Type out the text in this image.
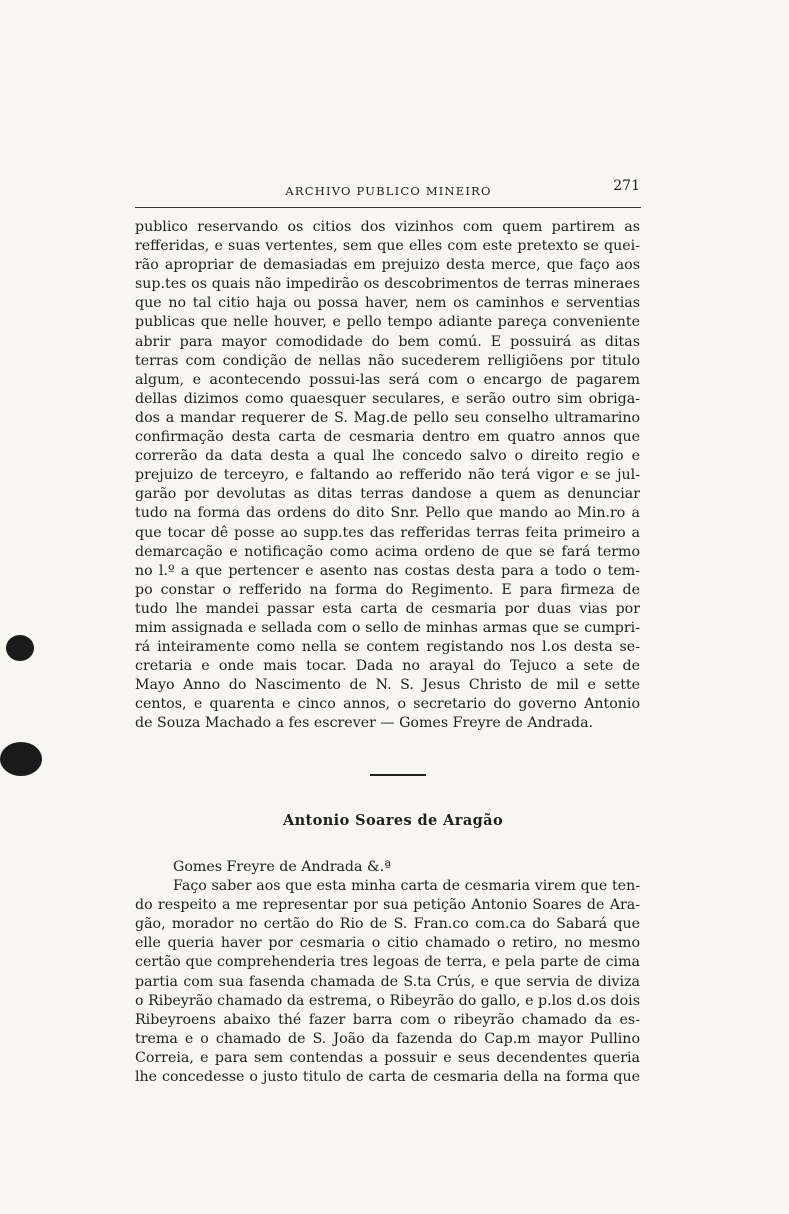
ARCHIVO PUBLICO MINEIRO	271
publico reservando os citios dos vizinhos com quem partirem as
refferidas, e suas vertentes, sem que elles com este pretexto se quei-
rão apropriar de demasiadas em prejuizo desta merce, que faço aos
sup.tes os quais não impedirão os descobrimentos de terras mineraes
que no tal citio haja ou possa haver, nem os caminhos e serventias
publicas que nelle houver, e pello tempo adiante pareça conveniente
abrir para mayor comodidade do bem comú. E possuirá as ditas
terras com condição de nellas não sucederem relligiõens por titulo
algum, e acontecendo possui-las será com o encargo de pagarem
dellas dizimos como quaesquer seculares, e serão outro sim obriga-
dos a mandar requerer de S. Mag.de pello seu conselho ultramarino
confirmação desta carta de cesmaria dentro em quatro annos que
correrão da data desta a qual lhe concedo salvo o direito regio e
prejuizo de terceyro, e faltando ao refferido não terá vigor e se jul-
garão por devolutas as ditas terras dandose a quem as denunciar
tudo na forma das ordens do dito Snr. Pello que mando ao Min.ro a
que tocar dê posse ao supp.tes das refferidas terras feita primeiro a
demarcação e notificação como acima ordeno de que se fará termo
no l.º a que pertencer e asento nas costas desta para a todo o tem-
po constar o refferido na forma do Regimento. E para firmeza de
tudo lhe mandei passar esta carta de cesmaria por duas vias por
mim assignada e sellada com o sello de minhas armas que se cumpri-
rá inteiramente como nella se contem registando nos l.os desta se-
cretaria e onde mais tocar. Dada no arayal do Tejuco a sete de
Mayo Anno do Nascimento de N. S. Jesus Christo de mil e sette
centos, e quarenta e cinco annos, o secretario do governo Antonio
de Souza Machado a fes escrever — Gomes Freyre de Andrada.
Antonio Soares de Aragão
Gomes Freyre de Andrada &.ª
Faço saber aos que esta minha carta de cesmaria virem que ten-
do respeito a me representar por sua petição Antonio Soares de Ara-
gão, morador no certão do Rio de S. Fran.co com.ca do Sabará que
elle queria haver por cesmaria o citio chamado o retiro, no mesmo
certão que comprehenderia tres legoas de terra, e pela parte de cima
partia com sua fasenda chamada de S.ta Crús, e que servia de diviza
o Ribeyrão chamado da estrema, o Ribeyrão do gallo, e p.los d.os dois
Ribeyroens abaixo thé fazer barra com o ribeyrão chamado da es-
trema e o chamado de S. João da fazenda do Cap.m mayor Pullino
Correia, e para sem contendas a possuir e seus decendentes queria
lhe concedesse o justo titulo de carta de cesmaria della na forma que
